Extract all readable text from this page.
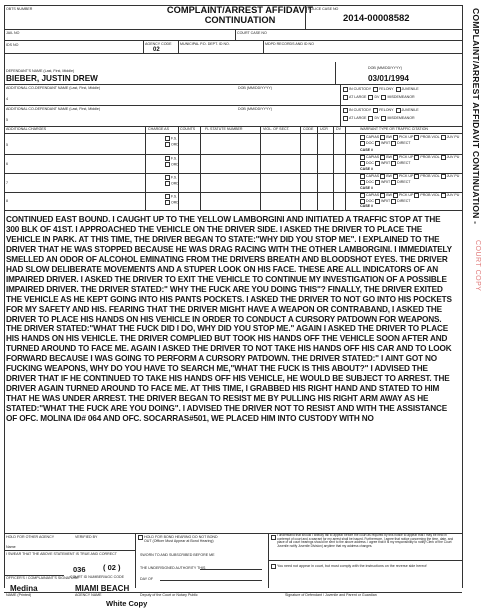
OBTS NUMBER	COMPLAINT/ARREST AFFIDAVIT
CONTINUATION
POLICE CASE NO
2014-00008582
JAIL NO	COURT CASE NO
IDS NO	AGENCY CODE
02
MUNICIPAL P.D. DEPT. ID NO.	MDPD RECORDS AND ID NO
DEFENDANT'S NAME (Last, First, Middle)
BIEBER, JUSTIN DREW
DOB (MM/DD/YYYY)
03/01/1994
ADDITIONAL CO-DEFENDANT NAME (Last, First, Middle)
4
DOB (MM/DD/YYYY)	IN CUSTODY FELONY JUVENILE
AT LARGE DV MISDEMEANOR
ADDITIONAL CO-DEFENDANT NAME (Last, First, Middle)
5
DOB (MM/DD/YYYY)	IN CUSTODY FELONY JUVENILE
AT LARGE DV MISDEMEANOR
ADDITIONAL CHARGES	CHARGE AS	COUNTS	FL STATUTE NUMBER	VIOL. OF SECT.	CODE UCR DV	WARRANT TYPE OR TRAFFIC CITATION
5
F.S.
ORD
CAPIAS BW PICK UP PROB VIOL JUV PU
DOC WRIT DIRECT
CASE #
6
F.S.
ORD
CAPIAS BW PICK UP PROB VIOL JUV PU
DOC WRIT DIRECT
CASE #
7
F.S.
ORD
CAPIAS BW PICK UP PROB VIOL JUV PU
DOC WRIT DIRECT
CASE #
8
F.S.
ORD
CAPIAS BW PICK UP PROB VIOL JUV PU
DOC WRIT DIRECT
CASE #
CONTINUED EAST BOUND. I CAUGHT UP TO THE YELLOW LAMBORGINI AND INITIATED A TRAFFIC STOP AT THE 300 BLK OF 41ST. I APPROACHED THE VEHICLE ON THE DRIVER SIDE. I ASKED THE DRIVER TO PLACE THE VEHICLE IN PARK. AT THIS TIME, THE DRIVER BEGAN TO STATE:"WHY DID YOU STOP ME". I EXPLAINED TO THE DRIVER THAT HE WAS STOPPED BECAUSE HE WAS DRAG RACING WITH THE OTHER LAMBORGINI. I IMMEDIATELY SMELLED AN ODOR OF ALCOHOL EMINATING FROM THE DRIVERS BREATH AND BLOODSHOT EYES. THE DRIVER HAD SLOW DELIBERATE MOVEMENTS AND A STUPER LOOK ON HIS FACE. THESE ARE ALL INDICATORS OF AN IMPAIRED DRIVER. I ASKED THE DRIVER TO EXIT THE VEHICLE TO CONTINUE MY INVESTIGATION OF A POSSIBLE IMPAIRED DRIVER. THE DRIVER STATED:" WHY THE FUCK ARE YOU DOING THIS"? FINALLY, THE DRIVER EXITED THE VEHICLE AS HE KEPT GOING INTO HIS PANTS POCKETS. I ASKED THE DRIVER TO NOT GO INTO HIS POCKETS FOR MY SAFETY AND HIS. FEARING THAT THE DRIVER MIGHT HAVE A WEAPON OR CONTRABAND, I ASKED THE DRIVER TO PLACE HIS HANDS ON HIS VEHICLE IN ORDER TO CONDUCT A CURSORY PATDOWN FOR WEAPONS. THE DRIVER STATED:"WHAT THE FUCK DID I DO, WHY DID YOU STOP ME." AGAIN I ASKED THE DRIVER TO PLACE HIS HANDS ON HIS VEHICLE. THE DRIVER COMPLIED BUT TOOK HIS HANDS OFF THE VEHICLE SOON AFTER AND TURNED AROUND TO FACE ME. AGAIN I ASKED THE DRIVER TO NOT TAKE HIS HANDS OFF HIS CAR AND TO LOOK FORWARD BECAUSE I WAS GOING TO PERFORM A CURSORY PATDOWN. THE DRIVER STATED:" I AINT GOT NO FUCKING WEAPONS, WHY DO YOU HAVE TO SEARCH ME,"WHAT THE FUCK IS THIS ABOUT?" I ADVISED THE DRIVER THAT IF HE CONTINUED TO TAKE HIS HANDS OFF HIS VEHICLE, HE WOULD BE SUBJECT TO ARREST. THE DRIVER AGAIN TURNED AROUND TO FACE ME. AT THIS TIME, I GRABBED HIS RIGHT HAND AND STATED TO HIM THAT HE WAS UNDER ARREST. THE DRIVER BEGAN TO RESIST ME BY PULLING HIS RIGHT ARM AWAY AS HE STATED:"WHAT THE FUCK ARE YOU DOING". I ADVISED THE DRIVER NOT TO RESIST AND WITH THE ASSISTANCE OF OFC. MOLINA ID# 064 AND OFC. SOCARRAS#501, WE PLACED HIM INTO CUSTODY WITH NO
HOLD FOR OTHER AGENCY	VERIFIED BY
Name
HOLD FOR BOND HEARING DO NOT BOND OUT (Officer Must Appear at Bond Hearing)
I understand that should I willfully fail to appear before the court as required by this notice to appear that I may be held in contempt of court and a warrant for my arrest shall be issued. Furthermore, I agree that notice concerning the time, date, and place of all court hearings should be sent to the above address. I agree that it is my responsibility to notify Clerk of the Court Juvenile notify Juvenile Division) anytime that my address changes.
I SWEAR THAT THE ABOVE STATEMENT IS TRUE AND CORRECT
036 ( 02 )
COURT ID NUMBER/AGC CODE
SWORN TO AND SUBSCRIBED BEFORE ME
THE UNDERSIGNED AUTHORITY THIS
DAY OF
You need not appear in court, but must comply with the instructions on the reverse side hereof
OFFICER'S / COMPLAINANT'S SIGNATURE
Medina
NAME (Printed)
MIAMI BEACH
AGENCY NAME	Deputy of the Court or Notary Public	Signature of Defendant / Juvenile and Parent or Guardian
White Copy
COMPLAINT/ARREST AFFIDAVIT CONTINUATION -
COURT COPY
